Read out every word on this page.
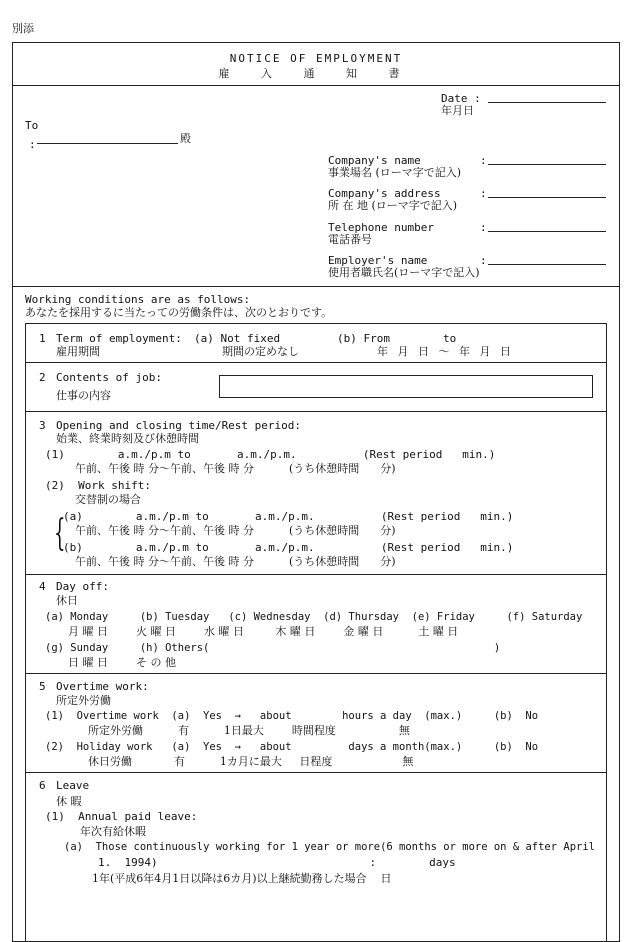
別添
NOTICE OF EMPLOYMENT
雇 入 通 知 書
Date :
年月日
To
:	殿
Company's name
事業場名 (ローマ字で記入)
:
Company's address
所 在 地 (ローマ字で記入)
:
Telephone number
電話番号
:
Employer's name
使用者職氏名(ローマ字で記入)
:
Working conditions are as follows:
あなたを採用するに当たっての労働条件は、次のとおりです。
1 Term of employment:
雇用期間
(a) Not fixed
期間の定めなし
(b) From        to
年 月 日 〜 年 月 日
2 Contents of job:
仕事の内容
3 Opening and closing time/Rest period:
始業、終業時刻及び休憩時間
(1)        a.m./p.m to       a.m./p.m.          (Rest period   min.)
午前、午後 時 分〜午前、午後 時 分          (うち休憩時間      分)
(2)  Work shift:
交替制の場合
{
(a)        a.m./p.m to       a.m./p.m.          (Rest period   min.)
午前、午後 時 分〜午前、午後 時 分          (うち休憩時間      分)
(b)        a.m./p.m to       a.m./p.m.          (Rest period   min.)
午前、午後 時 分〜午前、午後 時 分          (うち休憩時間      分)
4 Day off:
休日
(a) Monday     (b) Tuesday   (c) Wednesday  (d) Thursday  (e) Friday     (f) Saturday
月 曜 日        火 曜 日        水 曜 日         木 曜 日        金 曜 日          土 曜 日
(g) Sunday     (h) Others(                                             )
日 曜 日        そ の 他
5 Overtime work:
所定外労働
(1)  Overtime work  (a)  Yes  →   about        hours a day  (max.)     (b)  No
所定外労働          有          1日最大        時間程度                  無
(2)  Holiday work   (a)  Yes  →   about         days a month(max.)     (b)  No
休日労働            有          1カ月に最大     日程度                    無
6 Leave
休 暇
(1)  Annual paid leave:
年次有給休暇
(a)  Those continuously working for 1 year or more(6 months or more on & after April
1.  1994)                                :        days
1年(平成6年4月1日以降は6カ月)以上継続勤務した場合    日
